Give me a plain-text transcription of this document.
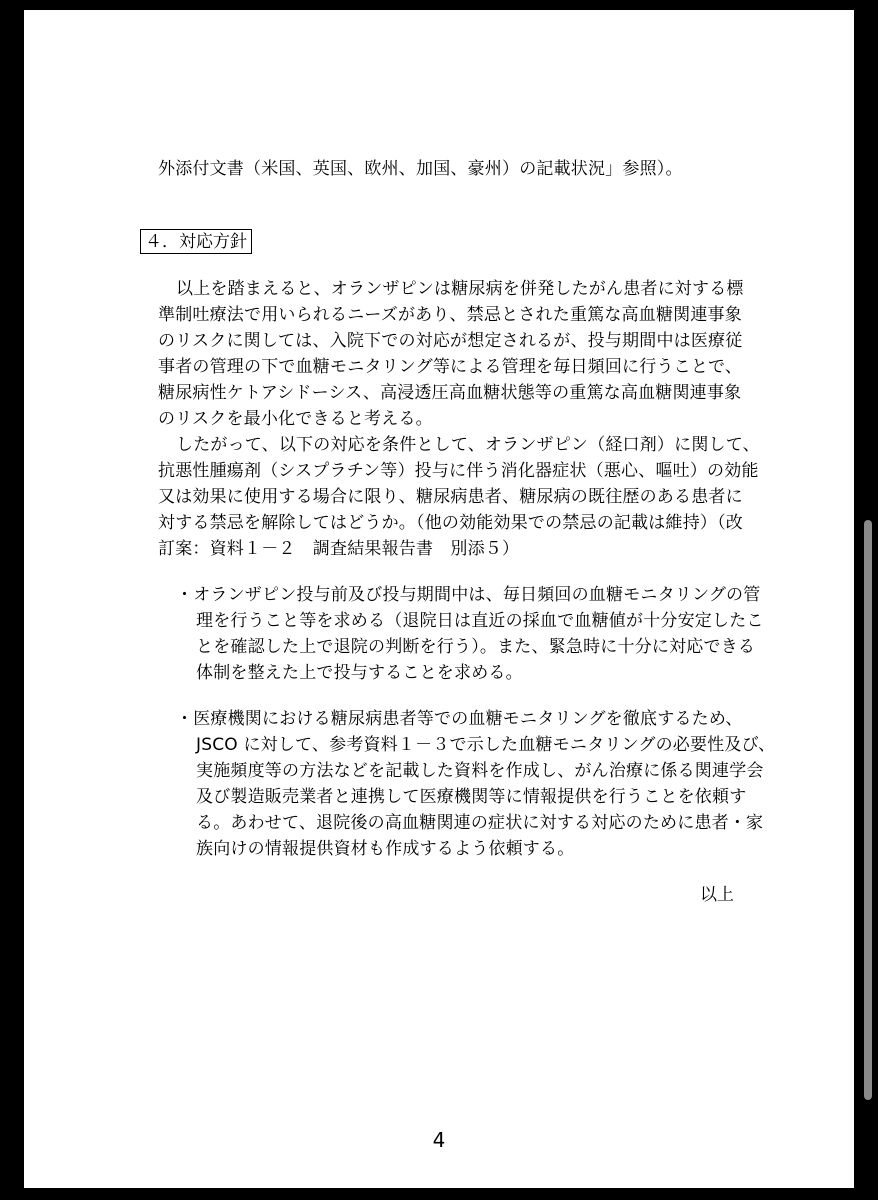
外添付文書（米国、英国、欧州、加国、豪州）の記載状況」参照）。
４．対応方針
以上を踏まえると、オランザピンは糖尿病を併発したがん患者に対する標
準制吐療法で用いられるニーズがあり、禁忌とされた重篤な高血糖関連事象
のリスクに関しては、入院下での対応が想定されるが、投与期間中は医療従
事者の管理の下で血糖モニタリング等による管理を毎日頻回に行うことで、
糖尿病性ケトアシドーシス、高浸透圧高血糖状態等の重篤な高血糖関連事象
のリスクを最小化できると考える。
したがって、以下の対応を条件として、オランザピン（経口剤）に関して、
抗悪性腫瘍剤（シスプラチン等）投与に伴う消化器症状（悪心、嘔吐）の効能
又は効果に使用する場合に限り、糖尿病患者、糖尿病の既往歴のある患者に
対する禁忌を解除してはどうか。（他の効能効果での禁忌の記載は維持）（改
訂案：資料１－２　調査結果報告書　別添５）
・オランザピン投与前及び投与期間中は、毎日頻回の血糖モニタリングの管
理を行うこと等を求める（退院日は直近の採血で血糖値が十分安定したこ
とを確認した上で退院の判断を行う）。また、緊急時に十分に対応できる
体制を整えた上で投与することを求める。
・医療機関における糖尿病患者等での血糖モニタリングを徹底するため、
JSCO に対して、参考資料１－３で示した血糖モニタリングの必要性及び、
実施頻度等の方法などを記載した資料を作成し、がん治療に係る関連学会
及び製造販売業者と連携して医療機関等に情報提供を行うことを依頼す
る。あわせて、退院後の高血糖関連の症状に対する対応のために患者・家
族向けの情報提供資材も作成するよう依頼する。
以上
4
